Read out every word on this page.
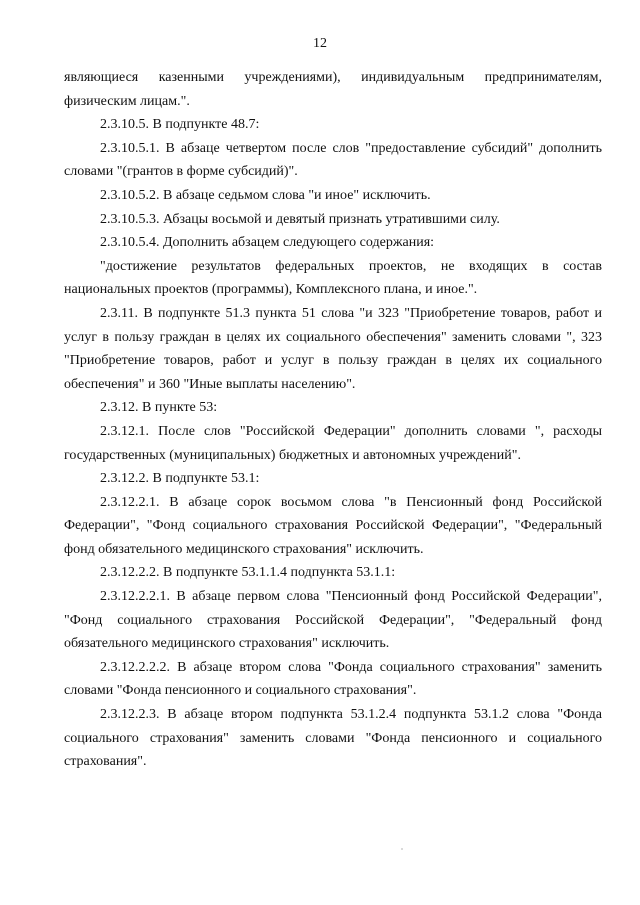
12

являющиеся казенными учреждениями), индивидуальным предпринимателям, физическим лицам.".

2.3.10.5. В подпункте 48.7:

2.3.10.5.1. В абзаце четвертом после слов "предоставление субсидий" дополнить словами "(грантов в форме субсидий)".

2.3.10.5.2. В абзаце седьмом слова "и иное" исключить.

2.3.10.5.3. Абзацы восьмой и девятый признать утратившими силу.

2.3.10.5.4. Дополнить абзацем следующего содержания:

"достижение результатов федеральных проектов, не входящих в состав национальных проектов (программы), Комплексного плана, и иное.".

2.3.11. В подпункте 51.3 пункта 51 слова "и 323 "Приобретение товаров, работ и услуг в пользу граждан в целях их социального обеспечения" заменить словами ", 323 "Приобретение товаров, работ и услуг в пользу граждан в целях их социального обеспечения" и 360 "Иные выплаты населению".

2.3.12. В пункте 53:

2.3.12.1. После слов "Российской Федерации" дополнить словами ", расходы государственных (муниципальных) бюджетных и автономных учреждений".

2.3.12.2. В подпункте 53.1:

2.3.12.2.1. В абзаце сорок восьмом слова "в Пенсионный фонд Российской Федерации", "Фонд социального страхования Российской Федерации", "Федеральный фонд обязательного медицинского страхования" исключить.

2.3.12.2.2. В подпункте 53.1.1.4 подпункта 53.1.1:

2.3.12.2.2.1. В абзаце первом слова "Пенсионный фонд Российской Федерации", "Фонд социального страхования Российской Федерации", "Федеральный фонд обязательного медицинского страхования" исключить.

2.3.12.2.2.2. В абзаце втором слова "Фонда социального страхования" заменить словами "Фонда пенсионного и социального страхования".

2.3.12.2.3. В абзаце втором подпункта 53.1.2.4 подпункта 53.1.2 слова "Фонда социального страхования" заменить словами "Фонда пенсионного и социального страхования".
